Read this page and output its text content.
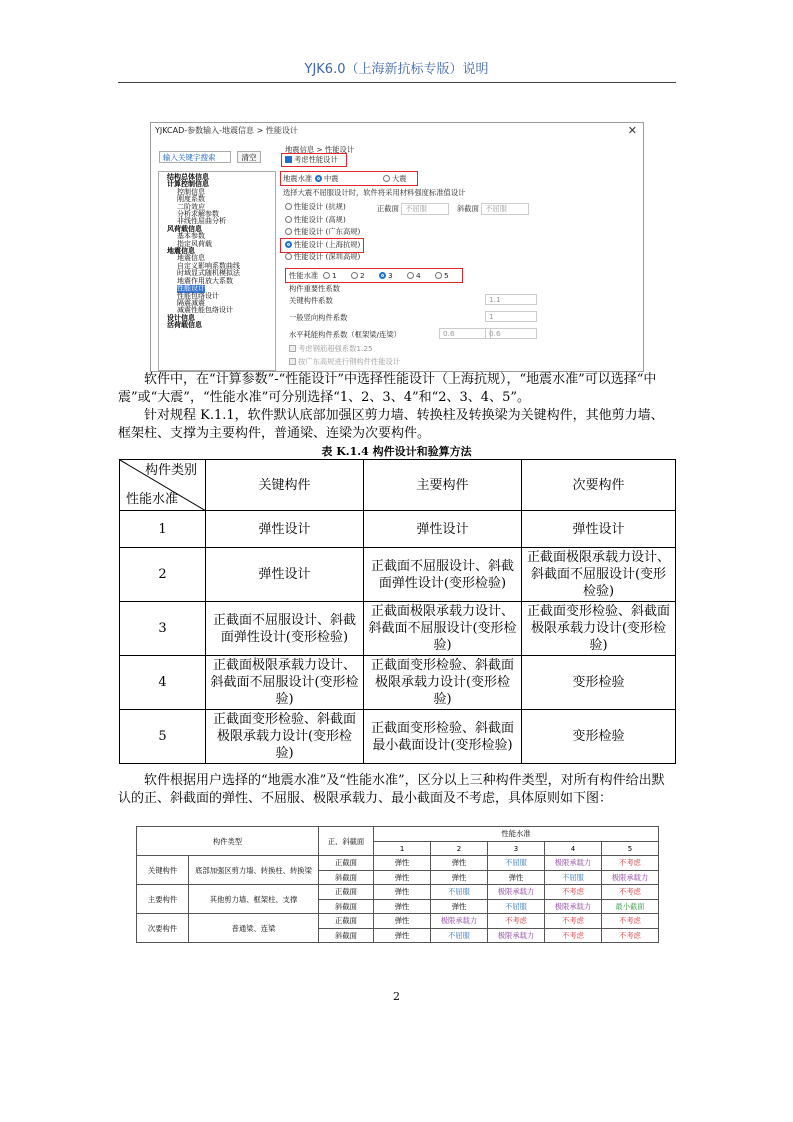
YJK6.0（上海新抗标专版）说明
YJKCAD-参数输入-地震信息 > 性能设计	✕
输入关键字搜索	清空
结构总体信息
计算控制信息
控制信息
刚度系数
二阶效应
分析求解参数
非线性屈曲分析
风荷载信息
基本参数
指定风荷载
地震信息
地震信息
自定义影响系数曲线
时域显式随机模拟法
地震作用放大系数
性能设计
性能包络设计
隔震减震
减震性能包络设计
设计信息
活荷载信息
地震信息 > 性能设计
考虑性能设计
地震水准	中震	大震
选择大震不屈服设计时，软件将采用材料强度标准值设计
性能设计 (抗规)
性能设计 (高规)
性能设计 (广东高规)
性能设计 (上海抗规)
性能设计 (深圳高规)
正截面 不屈服	斜截面 不屈服
性能水准	1	2	3	4	5
构件重要性系数
关键构件系数	1.1
一般竖向构件系数	1
水平耗能构件系数（框架梁/连梁）	0.6	0.6
考虑钢筋超强系数1.25
按广东高规进行钢构件性能设计
软件中，在“计算参数”-“性能设计”中选择性能设计（上海抗规），“地震水准”可以选择“中震”或“大震”，“性能水准”可分别选择“1、2、3、4”和“2、3、4、5”。
针对规程 K.1.1，软件默认底部加强区剪力墙、转换柱及转换梁为关键构件，其他剪力墙、框架柱、支撑为主要构件，普通梁、连梁为次要构件。
表 K.1.4 构件设计和验算方法
构件类别
性能水准	关键构件	主要构件	次要构件
1	弹性设计	弹性设计	弹性设计
2	弹性设计	正截面不屈服设计、斜截面弹性设计(变形检验)	正截面极限承载力设计、斜截面不屈服设计(变形检验)
3	正截面不屈服设计、斜截面弹性设计(变形检验)	正截面极限承载力设计、斜截面不屈服设计(变形检验)	正截面变形检验、斜截面极限承载力设计(变形检验)
4	正截面极限承载力设计、斜截面不屈服设计(变形检验)	正截面变形检验、斜截面极限承载力设计(变形检验)	变形检验
5	正截面变形检验、斜截面极限承载力设计(变形检验)	正截面变形检验、斜截面最小截面设计(变形检验)	变形检验
软件根据用户选择的“地震水准”及“性能水准”，区分以上三种构件类型，对所有构件给出默认的正、斜截面的弹性、不屈服、极限承载力、最小截面及不考虑，具体原则如下图：
构件类型		正、斜截面	性能水准				
			1	2	3	4	5
关键构件	底部加强区剪力墙、转换柱、转换梁	正截面	弹性	弹性	不屈服	极限承载力	不考虑
		斜截面	弹性	弹性	弹性	不屈服	极限承载力
主要构件	其他剪力墙、框架柱、支撑	正截面	弹性	不屈服	极限承载力	不考虑	不考虑
		斜截面	弹性	弹性	不屈服	极限承载力	最小截面
次要构件	普通梁、连梁	正截面	弹性	极限承载力	不考虑	不考虑	不考虑
		斜截面	弹性	不屈服	极限承载力	不考虑	不考虑
2
